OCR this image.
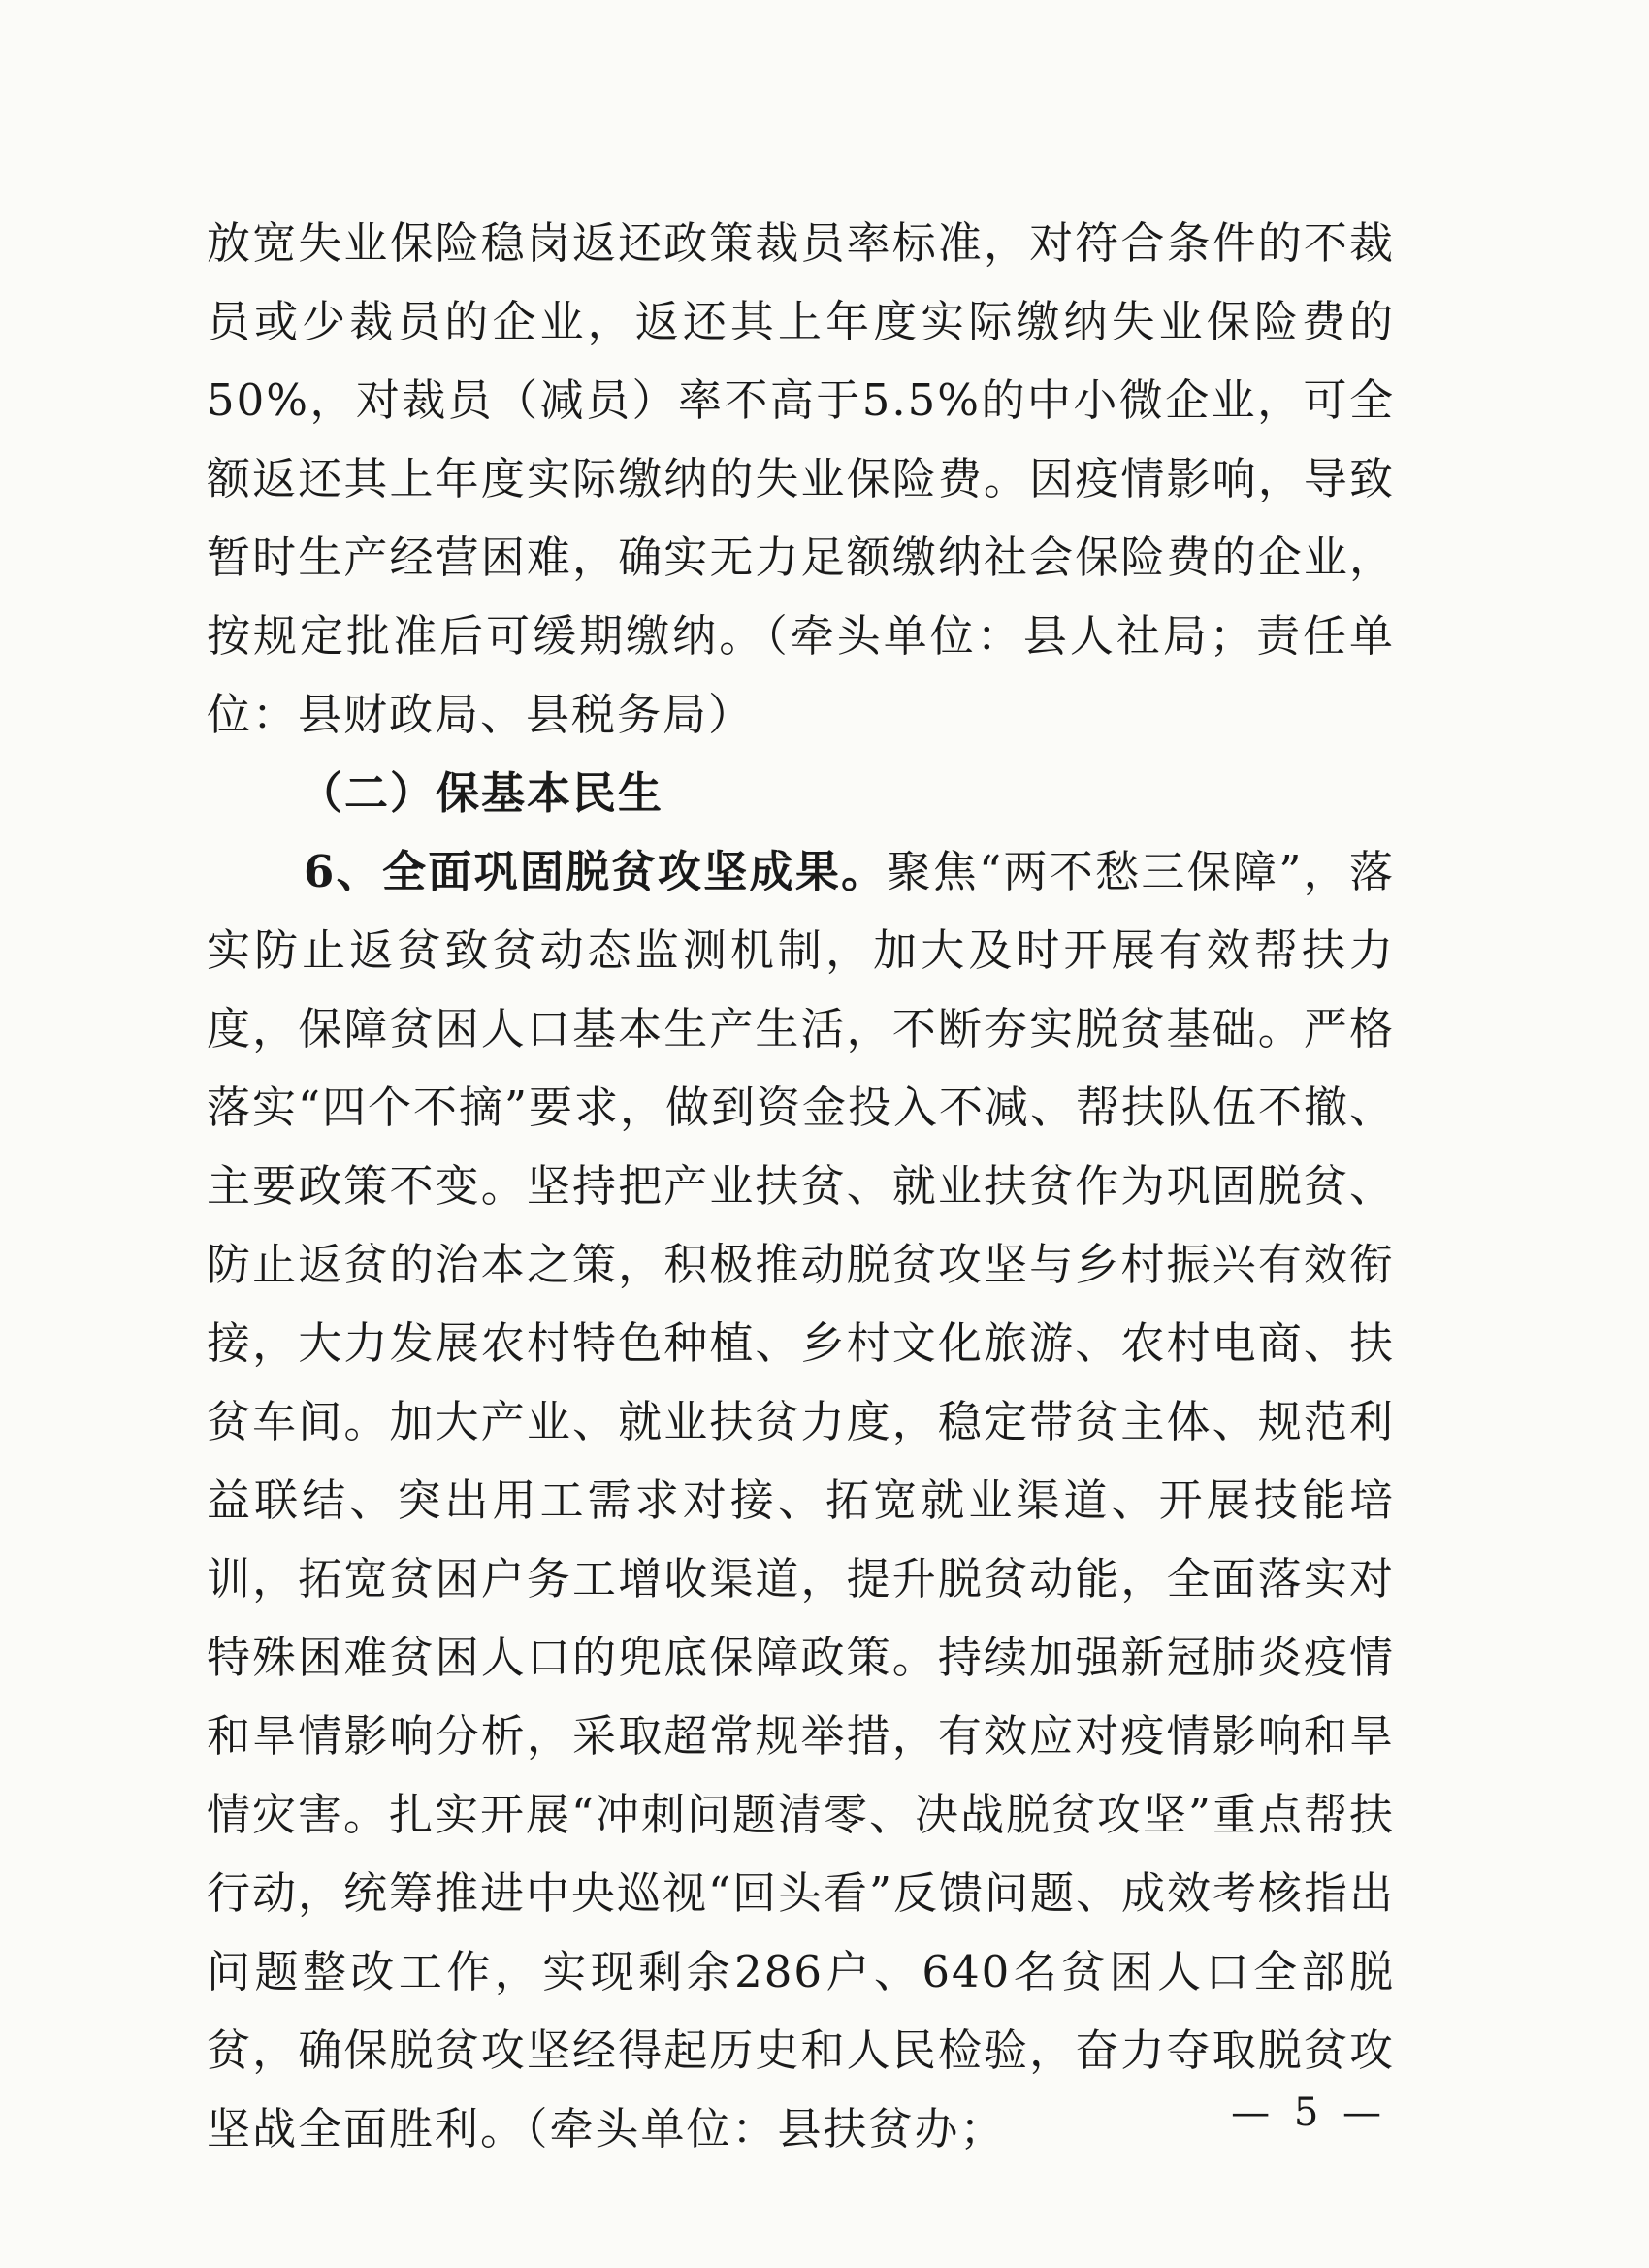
放宽失业保险稳岗返还政策裁员率标准，对符合条件的不裁员或少裁员的企业，返还其上年度实际缴纳失业保险费的50%，对裁员（减员）率不高于5.5%的中小微企业，可全额返还其上年度实际缴纳的失业保险费。因疫情影响，导致暂时生产经营困难，确实无力足额缴纳社会保险费的企业，按规定批准后可缓期缴纳。（牵头单位：县人社局；责任单位：县财政局、县税务局）

（二）保基本民生

6、全面巩固脱贫攻坚成果。聚焦“两不愁三保障”，落实防止返贫致贫动态监测机制，加大及时开展有效帮扶力度，保障贫困人口基本生产生活，不断夯实脱贫基础。严格落实“四个不摘”要求，做到资金投入不减、帮扶队伍不撤、主要政策不变。坚持把产业扶贫、就业扶贫作为巩固脱贫、防止返贫的治本之策，积极推动脱贫攻坚与乡村振兴有效衔接，大力发展农村特色种植、乡村文化旅游、农村电商、扶贫车间。加大产业、就业扶贫力度，稳定带贫主体、规范利益联结、突出用工需求对接、拓宽就业渠道、开展技能培训，拓宽贫困户务工增收渠道，提升脱贫动能，全面落实对特殊困难贫困人口的兜底保障政策。持续加强新冠肺炎疫情和旱情影响分析，采取超常规举措，有效应对疫情影响和旱情灾害。扎实开展“冲刺问题清零、决战脱贫攻坚”重点帮扶行动，统筹推进中央巡视“回头看”反馈问题、成效考核指出问题整改工作，实现剩余286户、640名贫困人口全部脱贫，确保脱贫攻坚经得起历史和人民检验，奋力夺取脱贫攻坚战全面胜利。（牵头单位：县扶贫办；	— 5 —
